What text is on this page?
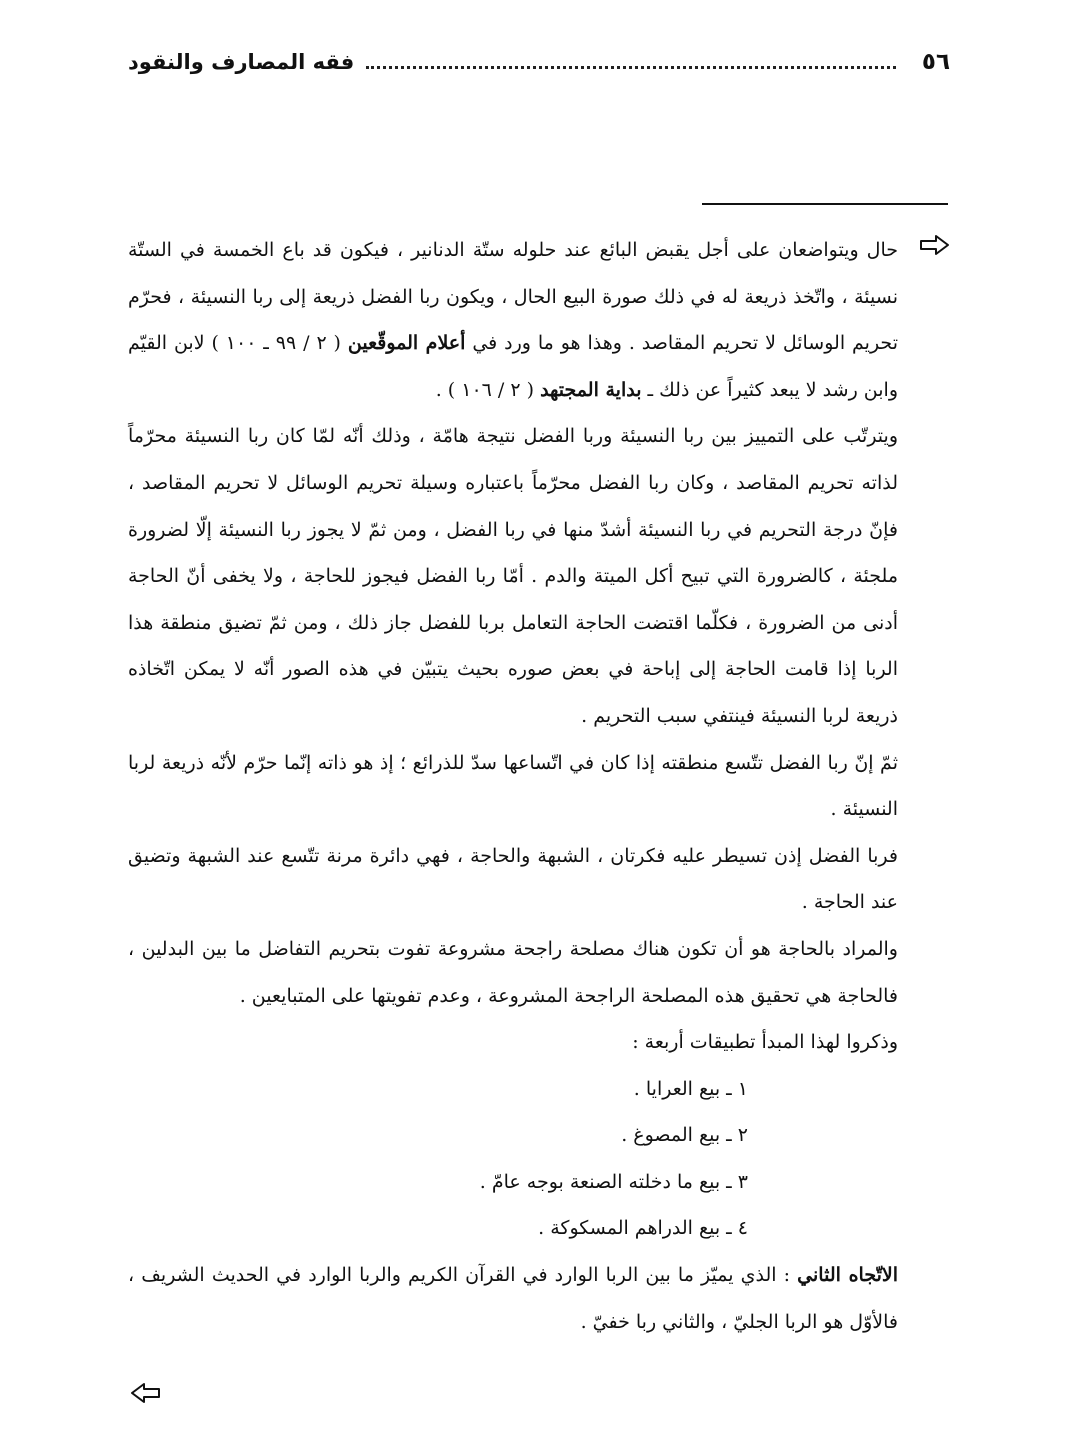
٥٦
فقه المصارف والنقود

حال ويتواضعان على أجل يقبض البائع عند حلوله ستّة الدنانير ، فيكون قد باع الخمسة في الستّة نسيئة ، واتّخذ ذريعة له في ذلك صورة البيع الحال ، ويكون ربا الفضل ذريعة إلى ربا النسيئة ، فحرّم تحريم الوسائل لا تحريم المقاصد . وهذا هو ما ورد في أعلام الموقّعين ( ٢ / ٩٩ ـ ١٠٠ ) لابن القيّم وابن رشد لا يبعد كثيراً عن ذلك ـ بداية المجتهد ( ٢ / ١٠٦ ) .

ويترتّب على التمييز بين ربا النسيئة وربا الفضل نتيجة هامّة ، وذلك أنّه لمّا كان ربا النسيئة محرّماً لذاته تحريم المقاصد ، وكان ربا الفضل محرّماً باعتباره وسيلة تحريم الوسائل لا تحريم المقاصد ، فإنّ درجة التحريم في ربا النسيئة أشدّ منها في ربا الفضل ، ومن ثمّ لا يجوز ربا النسيئة إلّا لضرورة ملجئة ، كالضرورة التي تبيح أكل الميتة والدم . أمّا ربا الفضل فيجوز للحاجة ، ولا يخفى أنّ الحاجة أدنى من الضرورة ، فكلّما اقتضت الحاجة التعامل بربا للفضل جاز ذلك ، ومن ثمّ تضيق منطقة هذا الربا إذا قامت الحاجة إلى إباحة في بعض صوره بحيث يتبيّن في هذه الصور أنّه لا يمكن اتّخاذه ذريعة لربا النسيئة فينتفي سبب التحريم .

ثمّ إنّ ربا الفضل تتّسع منطقته إذا كان في اتّساعها سدّ للذرائع ؛ إذ هو ذاته إنّما حرّم لأنّه ذريعة لربا النسيئة .

فربا الفضل إذن تسيطر عليه فكرتان ، الشبهة والحاجة ، فهي دائرة مرنة تتّسع عند الشبهة وتضيق عند الحاجة .

والمراد بالحاجة هو أن تكون هناك مصلحة راجحة مشروعة تفوت بتحريم التفاضل ما بين البدلين ، فالحاجة هي تحقيق هذه المصلحة الراجحة المشروعة ، وعدم تفويتها على المتبايعين .

وذكروا لهذا المبدأ تطبيقات أربعة :

١ ـ بيع العرايا .

٢ ـ بيع المصوغ .

٣ ـ بيع ما دخلته الصنعة بوجه عامّ .

٤ ـ بيع الدراهم المسكوكة .

الاتّجاه الثاني : الذي يميّز ما بين الربا الوارد في القرآن الكريم والربا الوارد في الحديث الشريف ، فالأوّل هو الربا الجليّ ، والثاني ربا خفيّ .
